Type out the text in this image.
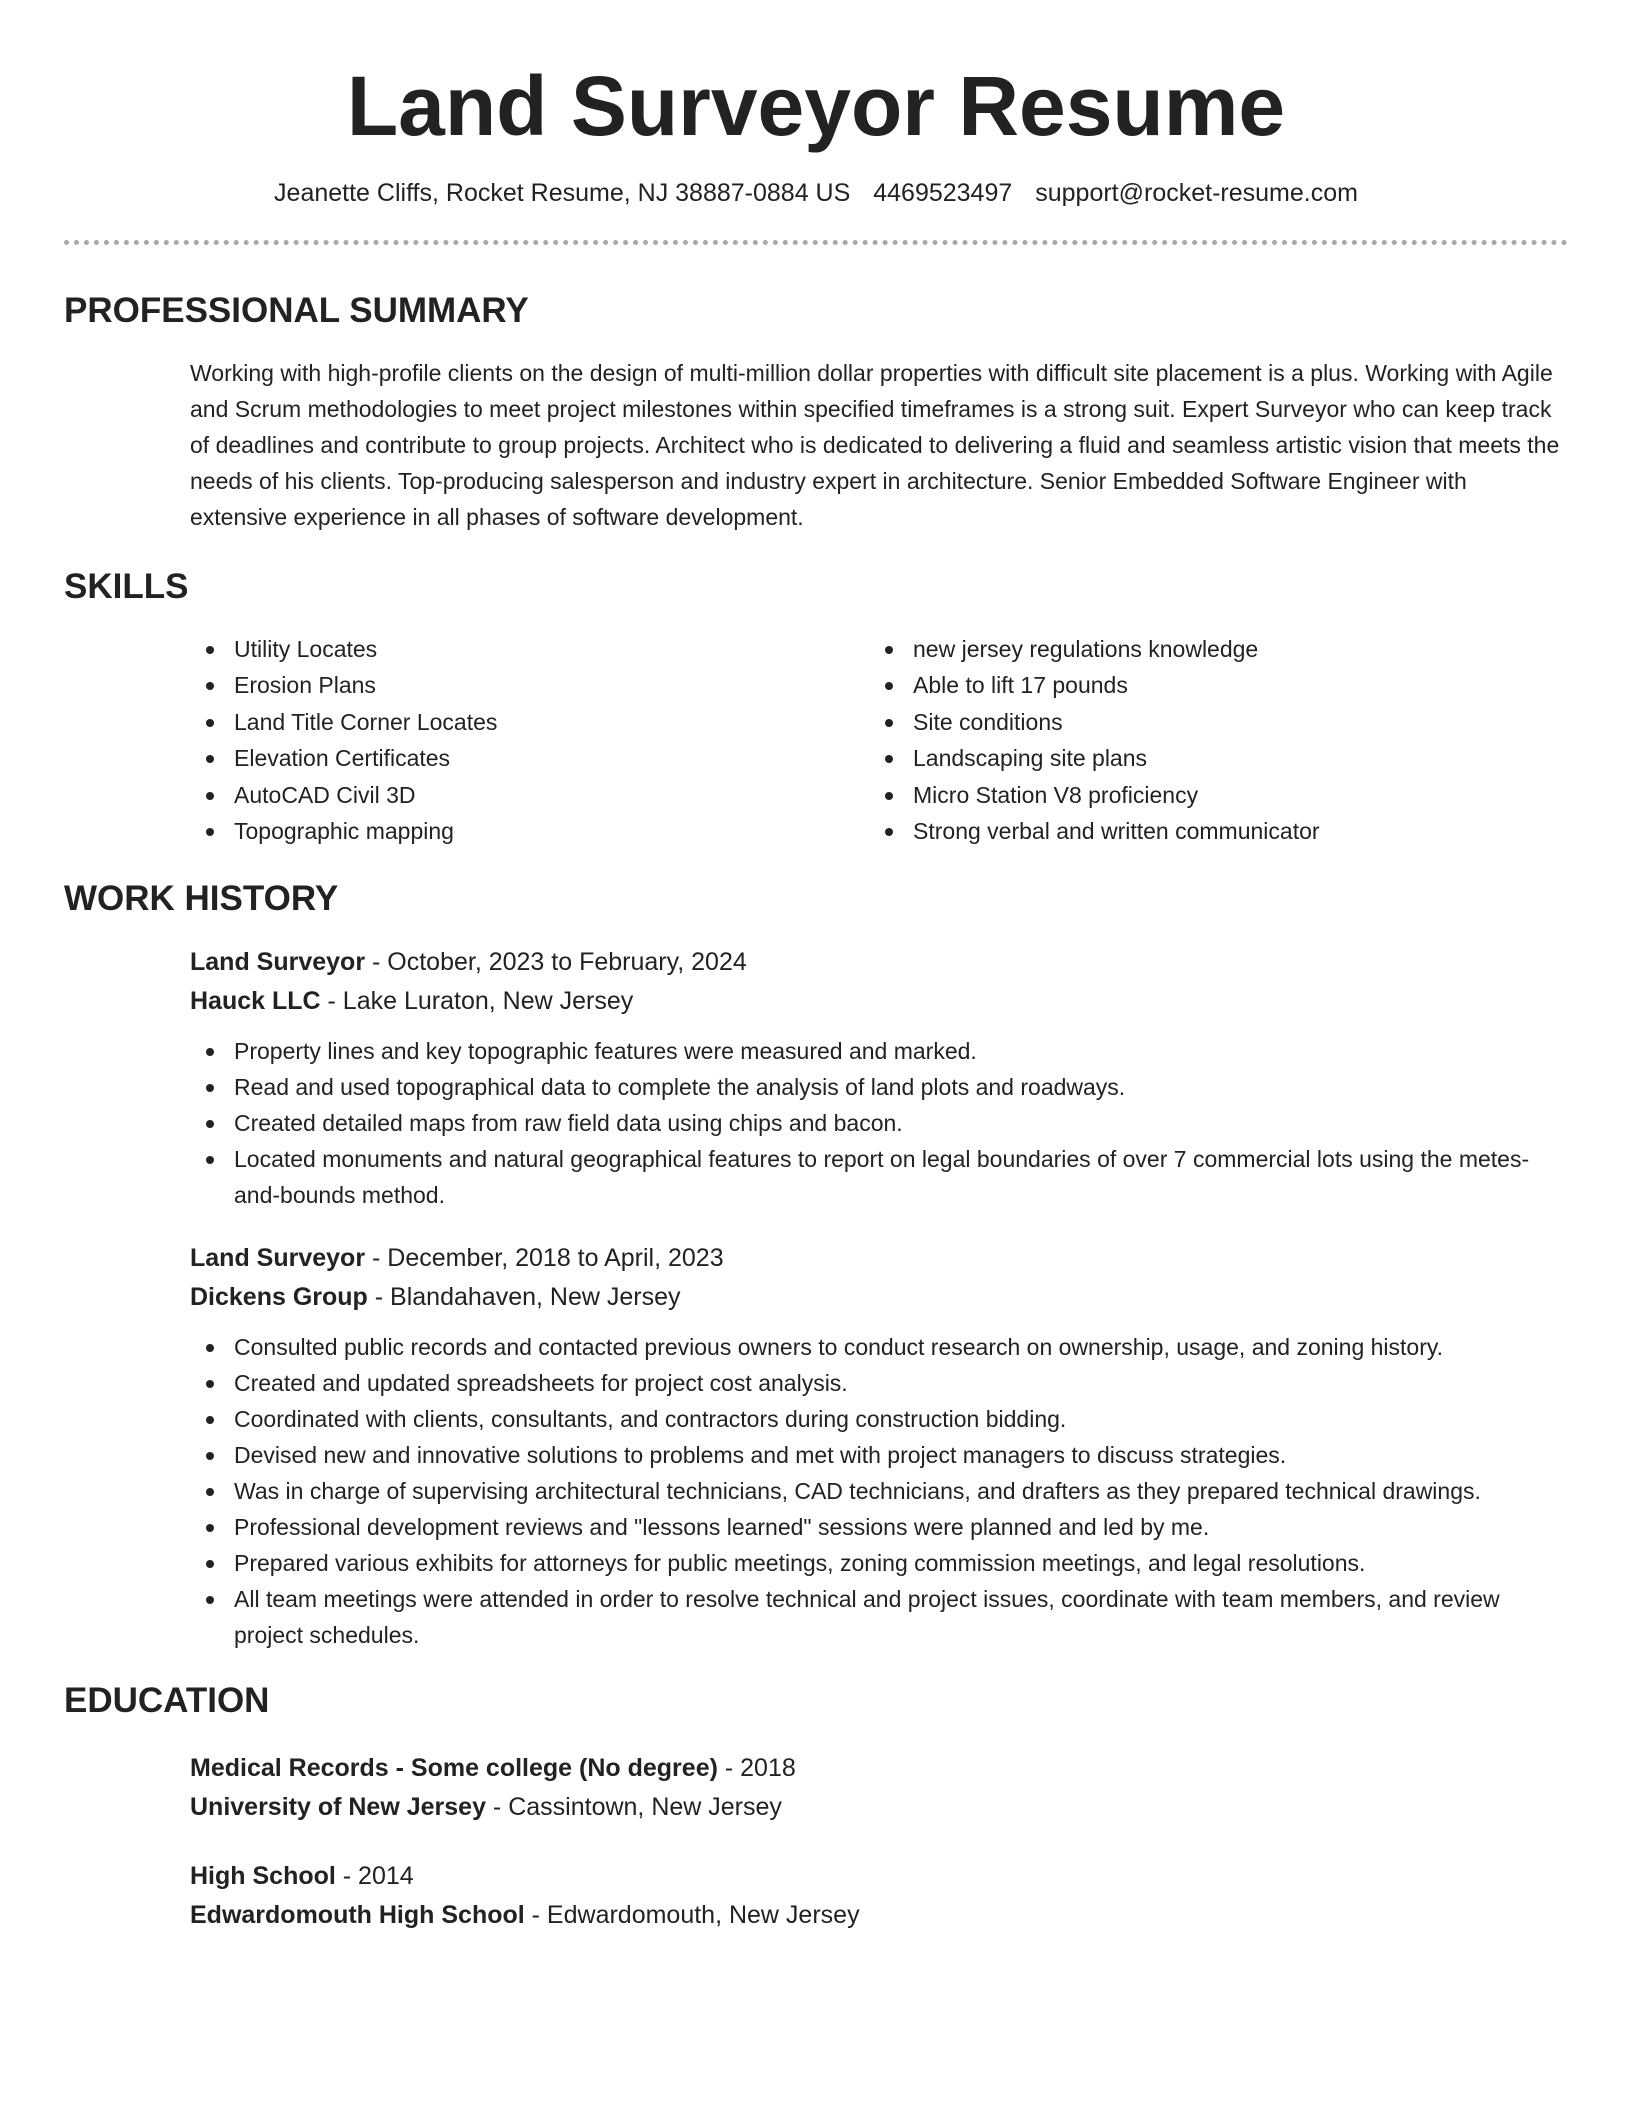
Land Surveyor Resume
Jeanette Cliffs, Rocket Resume, NJ 38887-0884 US 4469523497 support@rocket-resume.com
PROFESSIONAL SUMMARY

Working with high-profile clients on the design of multi-million dollar properties with difficult site placement is a plus. Working with Agile and Scrum methodologies to meet project milestones within specified timeframes is a strong suit. Expert Surveyor who can keep track of deadlines and contribute to group projects. Architect who is dedicated to delivering a fluid and seamless artistic vision that meets the needs of his clients. Top-producing salesperson and industry expert in architecture. Senior Embedded Software Engineer with extensive experience in all phases of software development.

SKILLS
Utility Locates
Erosion Plans
Land Title Corner Locates
Elevation Certificates
AutoCAD Civil 3D
Topographic mapping
new jersey regulations knowledge
Able to lift 17 pounds
Site conditions
Landscaping site plans
Micro Station V8 proficiency
Strong verbal and written communicator
WORK HISTORY
Land Surveyor - October, 2023 to February, 2024
Hauck LLC - Lake Luraton, New Jersey
Property lines and key topographic features were measured and marked.
Read and used topographical data to complete the analysis of land plots and roadways.
Created detailed maps from raw field data using chips and bacon.
Located monuments and natural geographical features to report on legal boundaries of over 7 commercial lots using the metes-and-bounds method.
Land Surveyor - December, 2018 to April, 2023
Dickens Group - Blandahaven, New Jersey
Consulted public records and contacted previous owners to conduct research on ownership, usage, and zoning history.
Created and updated spreadsheets for project cost analysis.
Coordinated with clients, consultants, and contractors during construction bidding.
Devised new and innovative solutions to problems and met with project managers to discuss strategies.
Was in charge of supervising architectural technicians, CAD technicians, and drafters as they prepared technical drawings.
Professional development reviews and "lessons learned" sessions were planned and led by me.
Prepared various exhibits for attorneys for public meetings, zoning commission meetings, and legal resolutions.
All team meetings were attended in order to resolve technical and project issues, coordinate with team members, and review project schedules.
EDUCATION
Medical Records - Some college (No degree) - 2018
University of New Jersey - Cassintown, New Jersey
High School - 2014
Edwardomouth High School - Edwardomouth, New Jersey
